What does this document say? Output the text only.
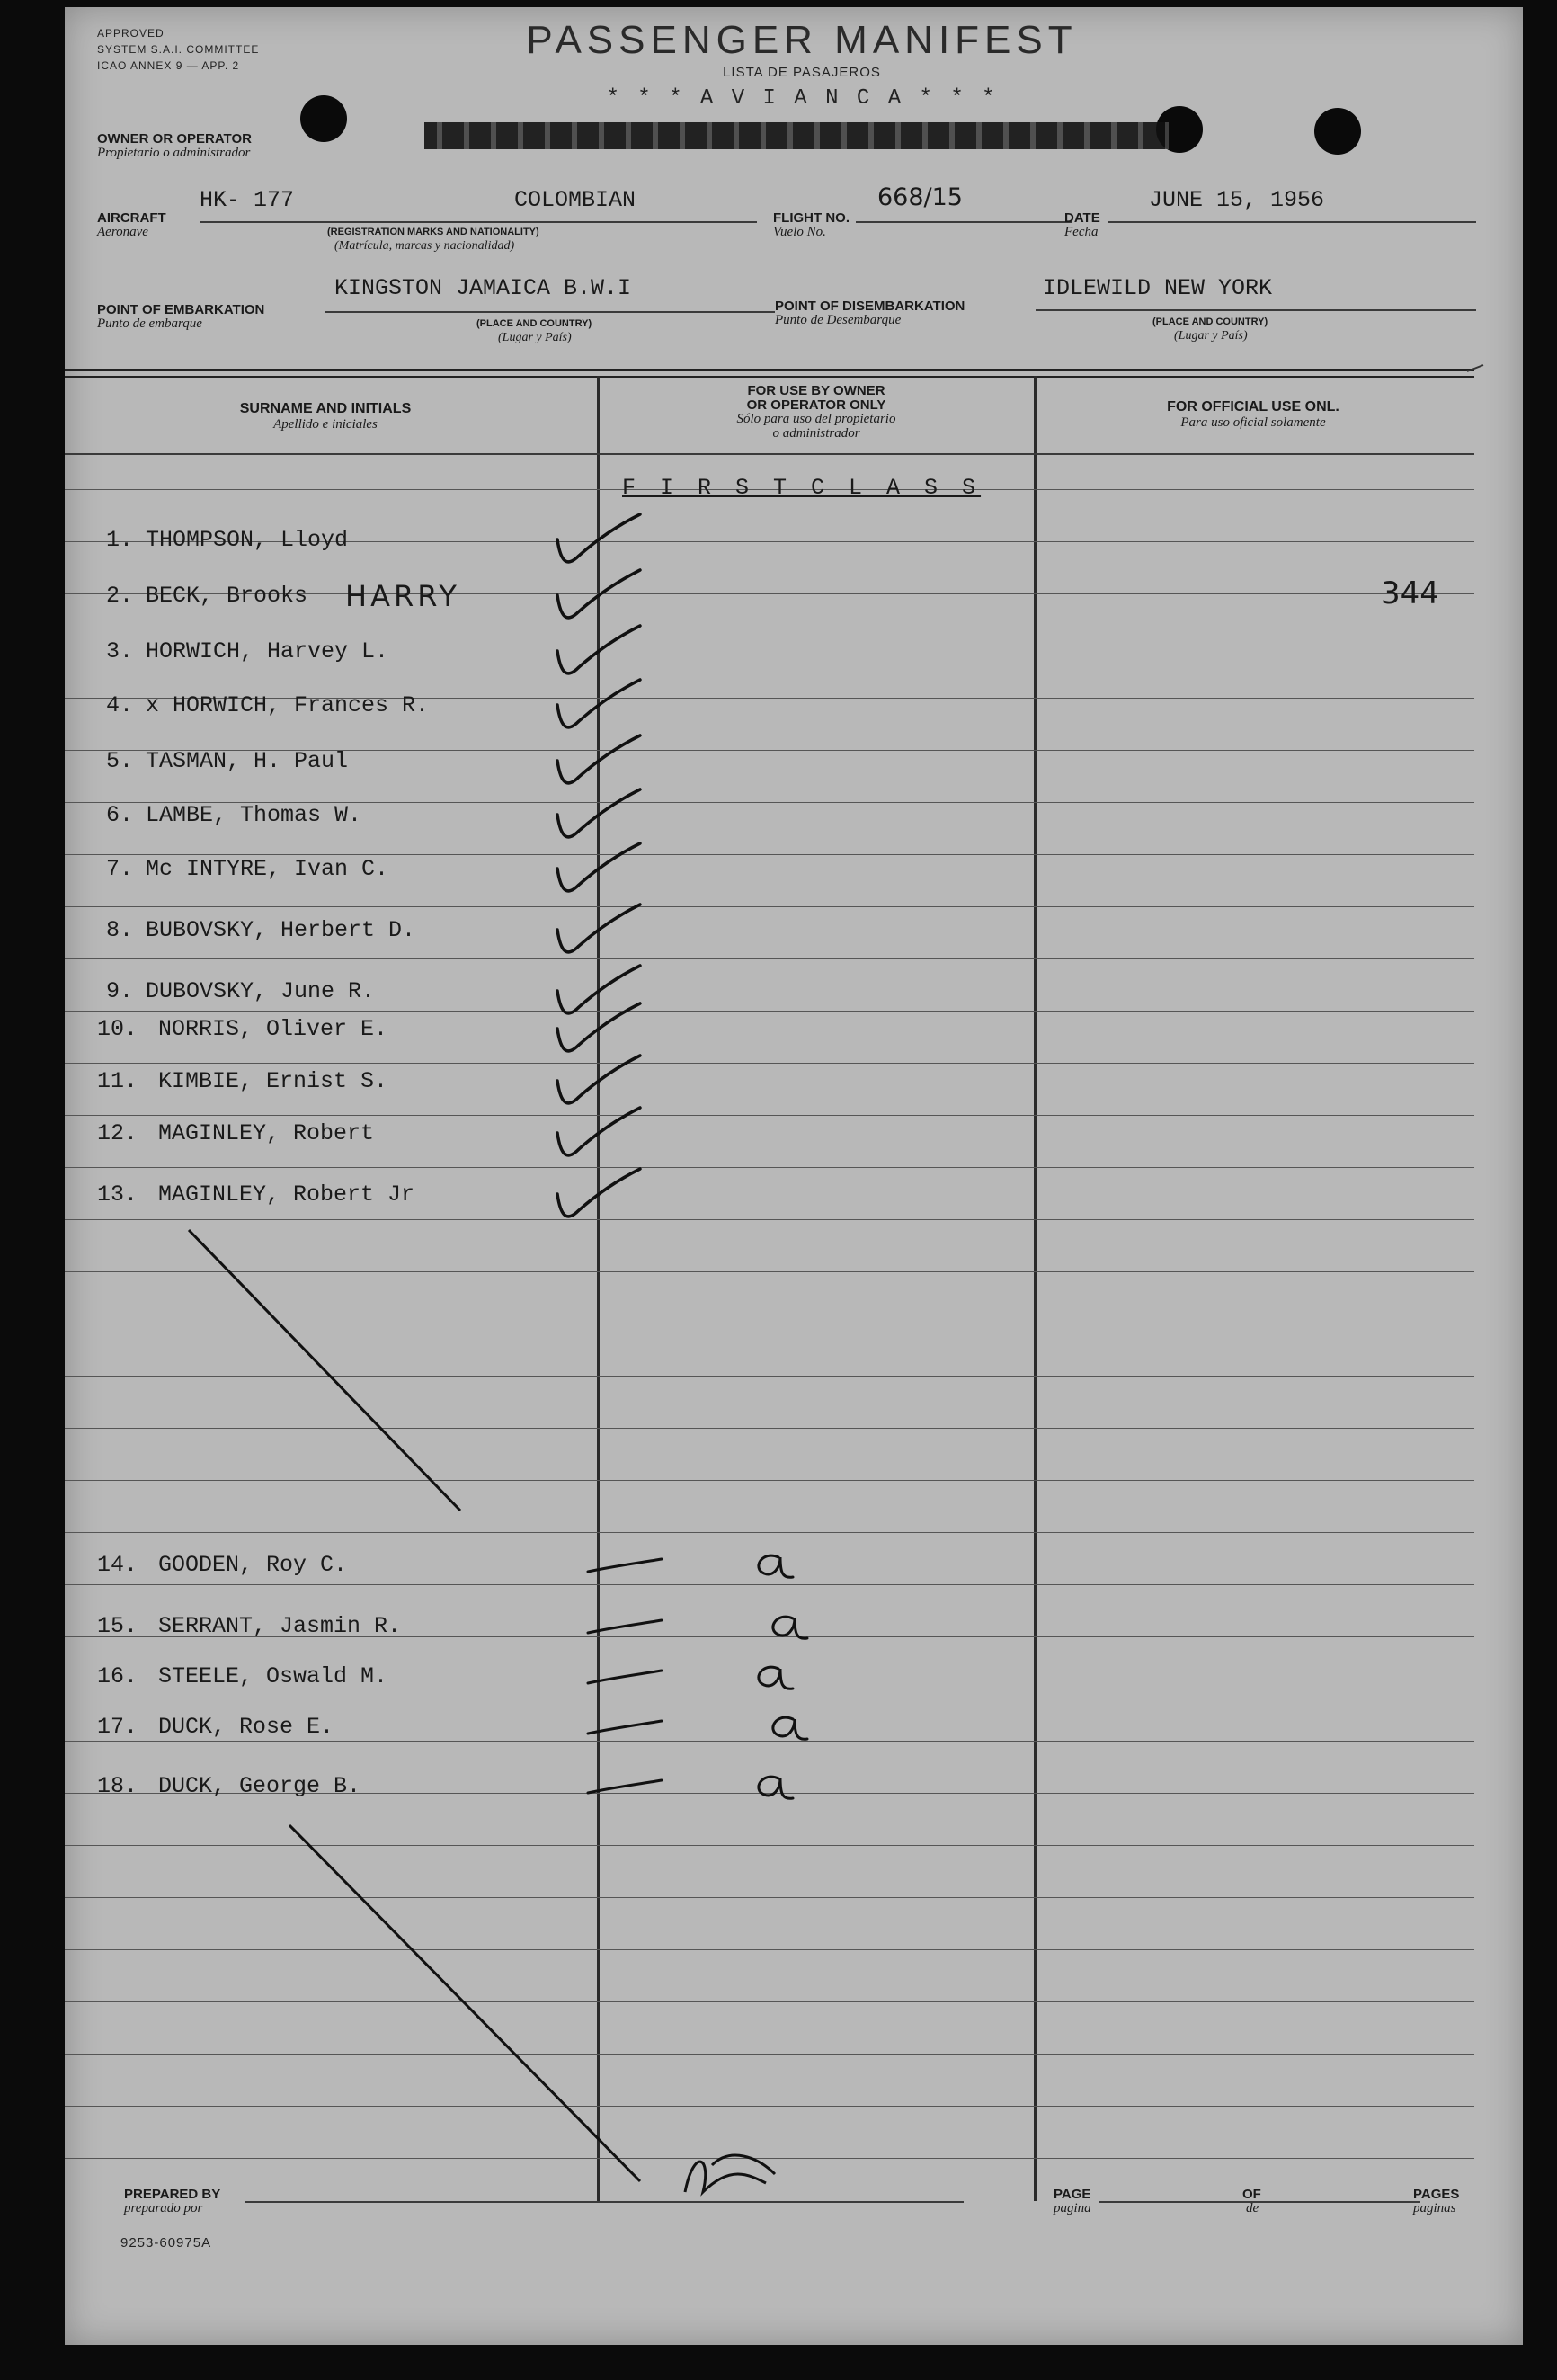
APPROVED
SYSTEM S.A.I. COMMITTEE
ICAO ANNEX 9 — APP. 2
PASSENGER MANIFEST
LISTA DE PASAJEROS
* * * A V I A N C A * * *
OWNER OR OPERATOR
Propietario o administrador
AIRCRAFT
Aeronave
HK- 177	COLOMBIAN
(REGISTRATION MARKS AND NATIONALITY)
(Matrícula, marcas y nacionalidad)
FLIGHT NO.
Vuelo No.
668/15
DATE
Fecha
JUNE 15, 1956
POINT OF EMBARKATION
Punto de embarque
KINGSTON JAMAICA B.W.I
(PLACE AND COUNTRY)
(Lugar y País)
POINT OF DISEMBARKATION
Punto de Desembarque
IDLEWILD NEW YORK
(PLACE AND COUNTRY)
(Lugar y País)
SURNAME AND INITIALS
Apellido e iniciales
FOR USE BY OWNER
OR OPERATOR ONLY
Sólo para uso del propietario
o administrador
FOR OFFICIAL USE ONL.
Para uso oficial solamente
F I R S T C L A S S
1. THOMPSON, Lloyd
2. BECK, Brooks
3. HORWICH, Harvey L.
4. x HORWICH, Frances R.
5. TASMAN, H. Paul
6. LAMBE, Thomas W.
7. Mc INTYRE, Ivan C.
8. BUBOVSKY, Herbert D.
9. DUBOVSKY, June R.
10. NORRIS, Oliver E.
11. KIMBIE, Ernist S.
12. MAGINLEY, Robert
13. MAGINLEY, Robert Jr
14. GOODEN, Roy C.
15. SERRANT, Jasmin R.
16. STEELE, Oswald M.
17. DUCK, Rose E.
18. DUCK, George B.
HARRY	344
PREPARED BY
preparado por
PAGE
pagina
OF
de
PAGES
paginas
9253-60975A
